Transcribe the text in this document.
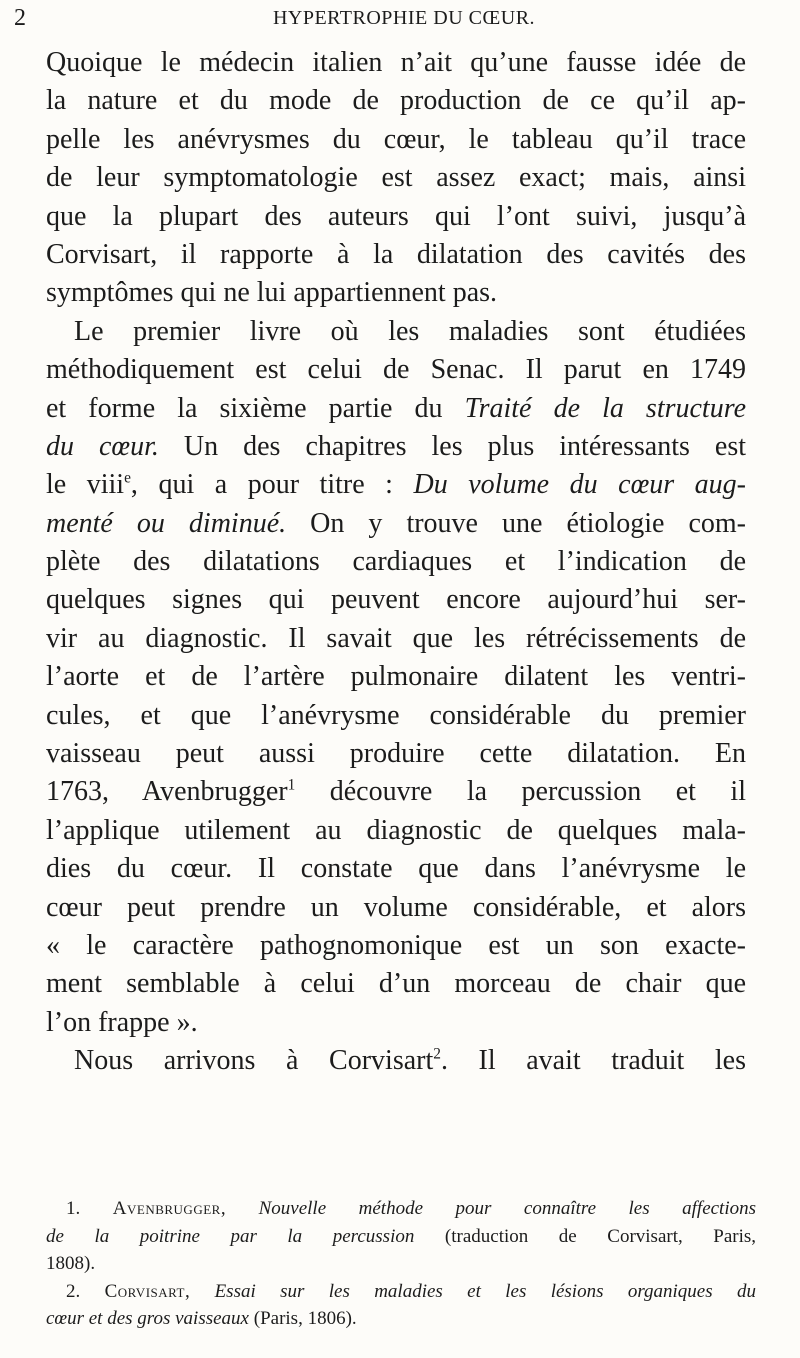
2	HYPERTROPHIE DU CŒUR.
Quoique le médecin italien n’ait qu’une fausse idée de
la nature et du mode de production de ce qu’il ap-
pelle les anévrysmes du cœur, le tableau qu’il trace
de leur symptomatologie est assez exact; mais, ainsi
que la plupart des auteurs qui l’ont suivi, jusqu’à
Corvisart, il rapporte à la dilatation des cavités des
symptômes qui ne lui appartiennent pas.
Le premier livre où les maladies sont étudiées
méthodiquement est celui de Senac. Il parut en 1749
et forme la sixième partie du Traité de la structure
du cœur. Un des chapitres les plus intéressants est
le viii$^e$, qui a pour titre : Du volume du cœur aug-
menté ou diminué. On y trouve une étiologie com-
plète des dilatations cardiaques et l’indication de
quelques signes qui peuvent encore aujourd’hui ser-
vir au diagnostic. Il savait que les rétrécissements de
l’aorte et de l’artère pulmonaire dilatent les ventri-
cules, et que l’anévrysme considérable du premier
vaisseau peut aussi produire cette dilatation. En
1763, Avenbrugger$^1$ découvre la percussion et il
l’applique utilement au diagnostic de quelques mala-
dies du cœur. Il constate que dans l’anévrysme le
cœur peut prendre un volume considérable, et alors
« le caractère pathognomonique est un son exacte-
ment semblable à celui d’un morceau de chair que
l’on frappe ».
Nous arrivons à Corvisart$^2$. Il avait traduit les
1. Avenbrugger, Nouvelle méthode pour connaître les affections
de la poitrine par la percussion (traduction de Corvisart, Paris,
1808).
2. Corvisart, Essai sur les maladies et les lésions organiques du
cœur et des gros vaisseaux (Paris, 1806).
